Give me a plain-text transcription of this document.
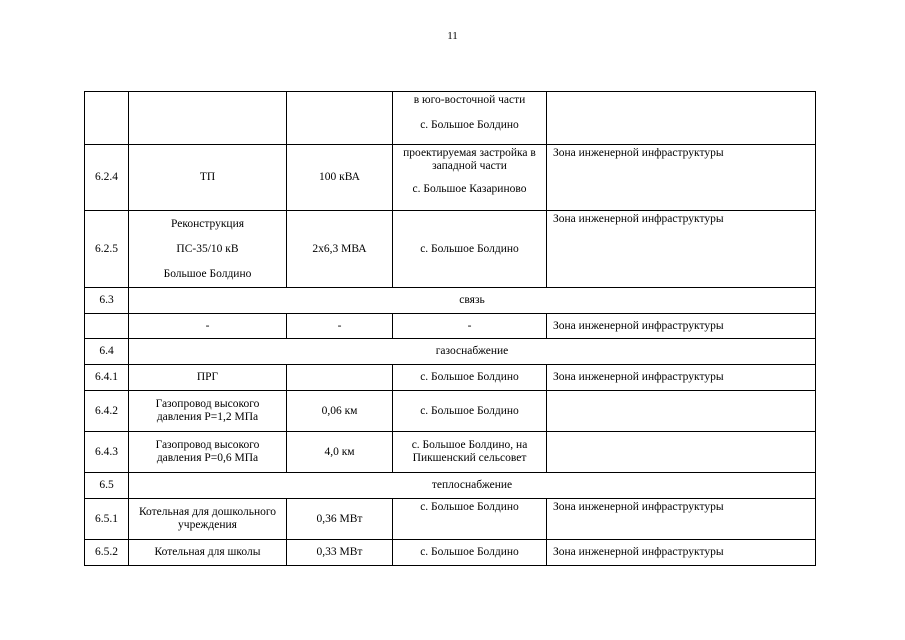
11

			в юго-восточной части
с. Большое Болдино	

6.2.4	ТП	100 кВА	проектируемая застройка в западной части
с. Большое Казариново	Зона инженерной инфраструктуры

6.2.5	Реконструкция
ПС-35/10 кВ
Большое Болдино	2х6,3 МВА	с. Большое Болдино	Зона инженерной инфраструктуры

6.3	связь			
	-	-	-	Зона инженерной инфраструктуры
6.4	газоснабжение			
6.4.1	ПРГ		с. Большое Болдино	Зона инженерной инфраструктуры
6.4.2	Газопровод высокого давления Р=1,2 МПа	0,06 км	с. Большое Болдино	
6.4.3	Газопровод высокого давления Р=0,6 МПа	4,0 км	с. Большое Болдино, на Пикшенский сельсовет	
6.5	теплоснабжение			
6.5.1	Котельная для дошкольного учреждения	0,36 МВт	с. Большое Болдино	Зона инженерной инфраструктуры

6.5.2	Котельная для школы	0,33 МВт	с. Большое Болдино	Зона инженерной инфраструктуры
